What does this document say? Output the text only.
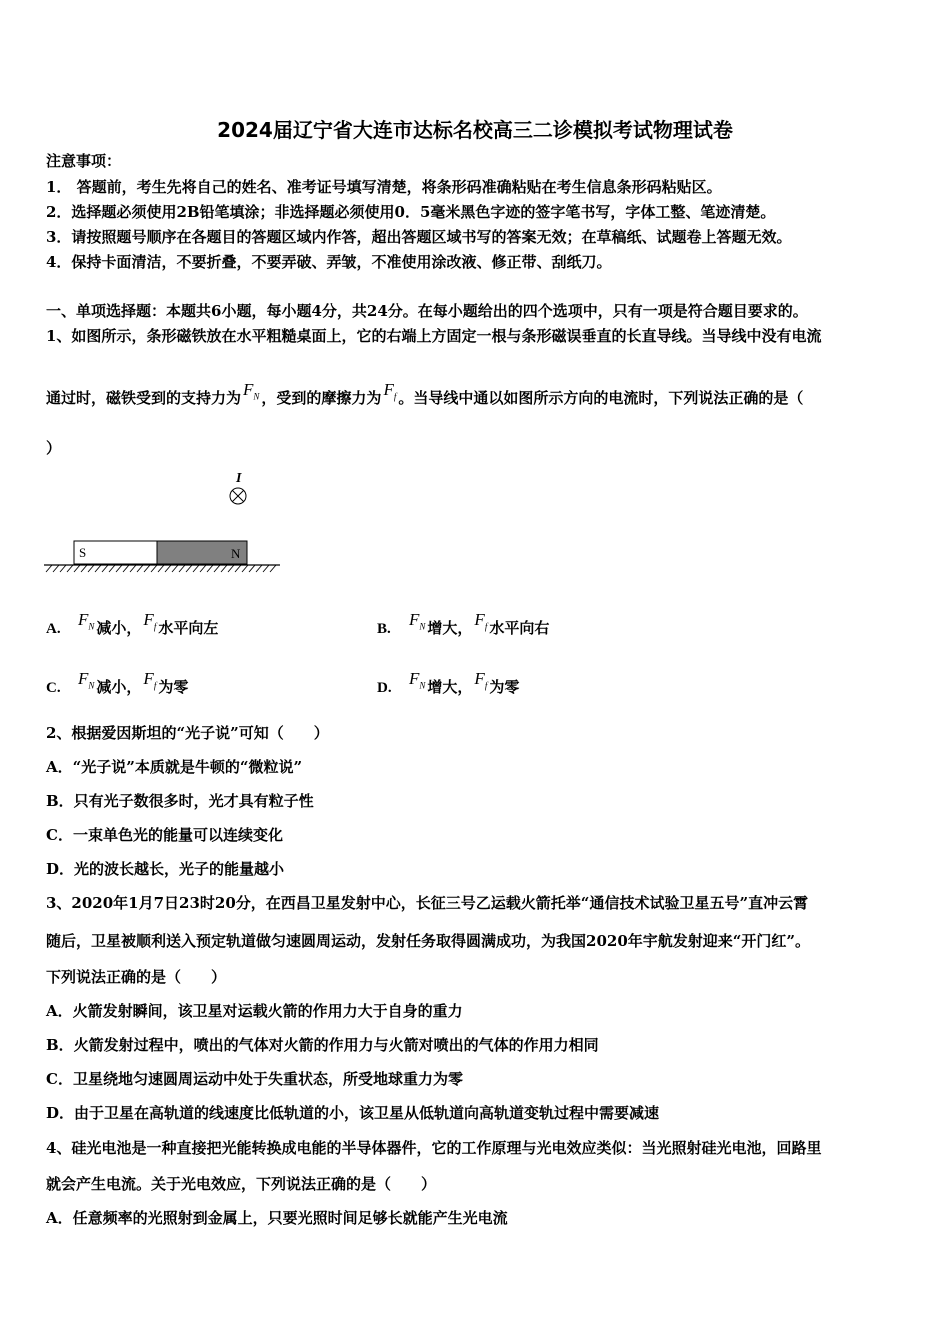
2024届辽宁省大连市达标名校高三二诊模拟考试物理试卷
注意事项：
1． 答题前，考生先将自己的姓名、准考证号填写清楚，将条形码准确粘贴在考生信息条形码粘贴区。
2．选择题必须使用2B铅笔填涂；非选择题必须使用0．5毫米黑色字迹的签字笔书写，字体工整、笔迹清楚。
3．请按照题号顺序在各题目的答题区域内作答，超出答题区域书写的答案无效；在草稿纸、试题卷上答题无效。
4．保持卡面清洁，不要折叠，不要弄破、弄皱，不准使用涂改液、修正带、刮纸刀。
一、单项选择题：本题共6小题，每小题4分，共24分。在每小题给出的四个选项中，只有一项是符合题目要求的。
1、如图所示，条形磁铁放在水平粗糙桌面上，它的右端上方固定一根与条形磁误垂直的长直导线。当导线中没有电流
通过时，磁铁受到的支持力为 $F_N$ ，受到的摩擦力为 $F_f$ 。当导线中通以如图所示方向的电流时，下列说法正确的是（
）
I
S	N
A. $F_N$ 减小， $F_f$ 水平向左	B. $F_N$ 增大， $F_f$ 水平向右
C. $F_N$ 减小， $F_f$ 为零	D. $F_N$ 增大， $F_f$ 为零
2、根据爱因斯坦的“光子说”可知（　　）
A．“光子说”本质就是牛顿的“微粒说”
B．只有光子数很多时，光才具有粒子性
C．一束单色光的能量可以连续变化
D．光的波长越长，光子的能量越小
3、2020年1月7日23时20分，在西昌卫星发射中心，长征三号乙运载火箭托举“通信技术试验卫星五号”直冲云霄
随后，卫星被顺利送入预定轨道做匀速圆周运动，发射任务取得圆满成功，为我国2020年宇航发射迎来“开门红”。
下列说法正确的是（　　）
A．火箭发射瞬间，该卫星对运载火箭的作用力大于自身的重力
B．火箭发射过程中，喷出的气体对火箭的作用力与火箭对喷出的气体的作用力相同
C．卫星绕地匀速圆周运动中处于失重状态，所受地球重力为零
D．由于卫星在高轨道的线速度比低轨道的小，该卫星从低轨道向高轨道变轨过程中需要减速
4、硅光电池是一种直接把光能转换成电能的半导体器件，它的工作原理与光电效应类似：当光照射硅光电池，回路里
就会产生电流。关于光电效应，下列说法正确的是（　　）
A．任意频率的光照射到金属上，只要光照时间足够长就能产生光电流
